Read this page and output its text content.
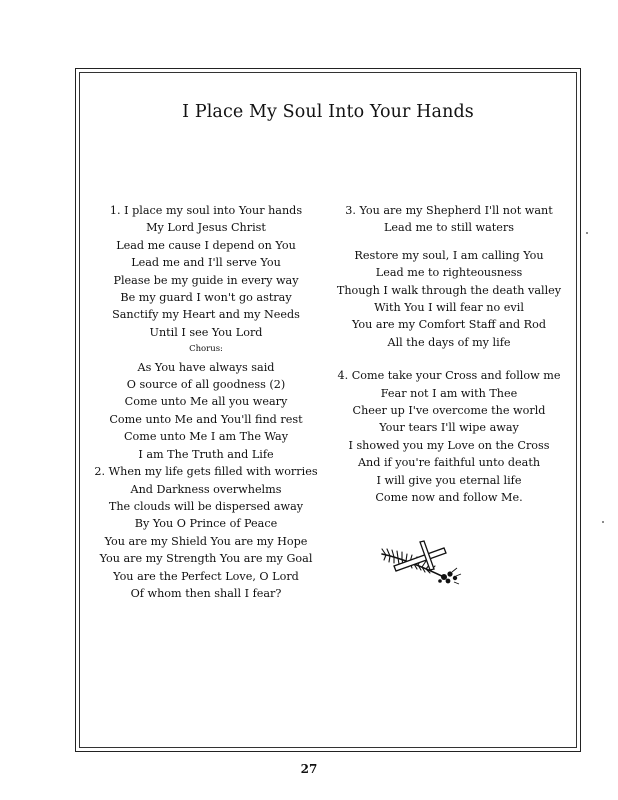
I Place My Soul Into Your Hands
1. I place my soul into Your hands
My Lord Jesus Christ
Lead me cause I depend on You
Lead me and I'll serve You
Please be my guide in every way
Be my guard I won't go astray
Sanctify my Heart and my Needs
Until I see You Lord
Chorus:
As You have always said
O source of all goodness (2)
Come unto Me all you weary
Come unto Me and You'll find rest
Come unto Me I am The Way
I am The Truth and Life
2. When my life gets filled with worries
And Darkness overwhelms
The clouds will be dispersed away
By You O Prince of Peace
You are my Shield You are my Hope
You are my Strength You are my Goal
You are the Perfect Love, O Lord
Of whom then shall I fear?
3. You are my Shepherd I'll not want
Lead me to still waters
Restore my soul, I am calling You
Lead me to righteousness
Though I walk through the death valley
With You I will fear no evil
You are my Comfort Staff and Rod
All the days of my life
4. Come take your Cross and follow me
Fear not I am with Thee
Cheer up I've overcome the world
Your tears I'll wipe away
I showed you my Love on the Cross
And if you're faithful unto death
I will give you eternal life
Come now and follow Me.
27
